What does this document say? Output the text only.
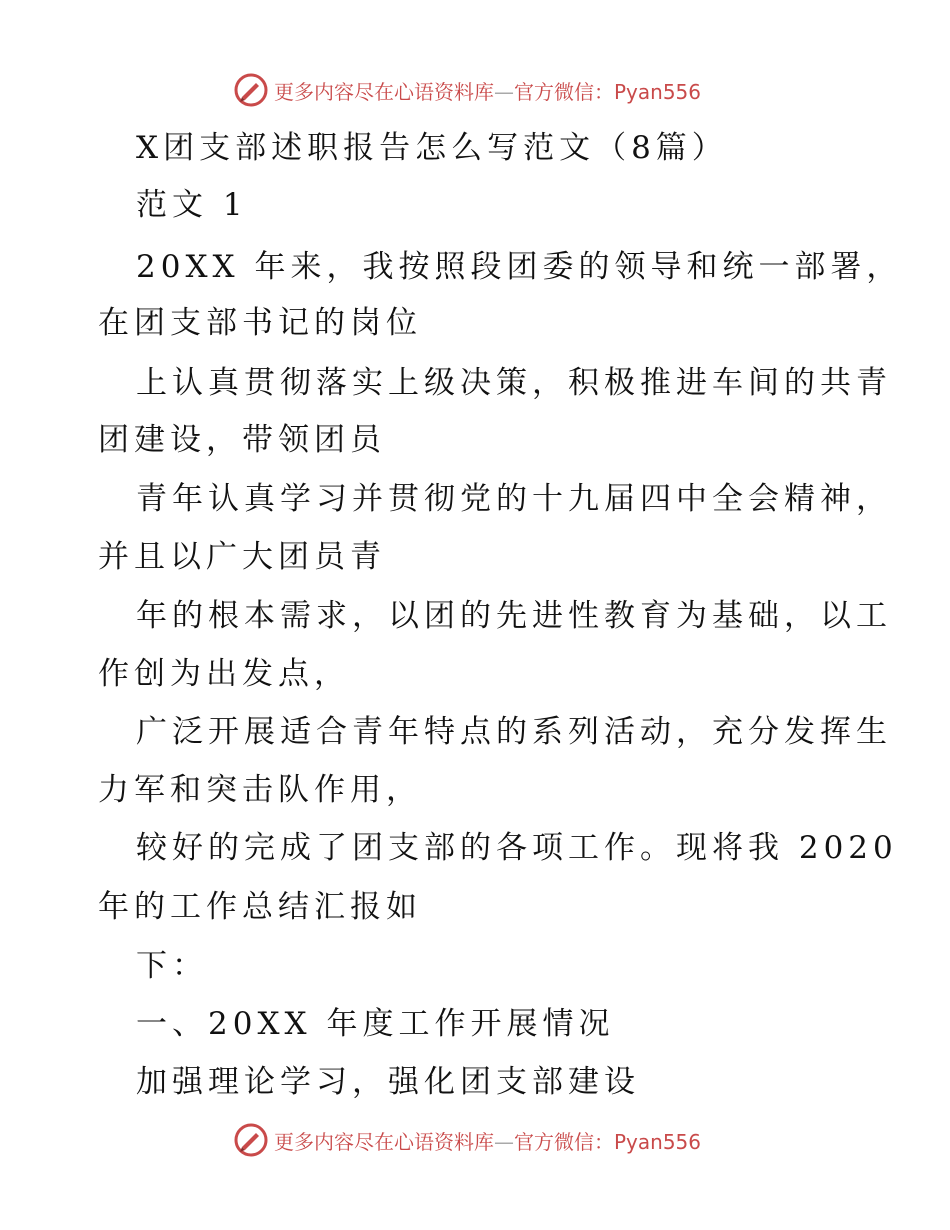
更多内容尽在心语资料库—官方微信：Pyan556
X团支部述职报告怎么写范文（8篇）
范文 1
20XX 年来，我按照段团委的领导和统一部署，
在团支部书记的岗位
上认真贯彻落实上级决策，积极推进车间的共青
团建设，带领团员
青年认真学习并贯彻党的十九届四中全会精神，
并且以广大团员青
年的根本需求，以团的先进性教育为基础，以工
作创为出发点，
广泛开展适合青年特点的系列活动，充分发挥生
力军和突击队作用，
较好的完成了团支部的各项工作。现将我 2020
年的工作总结汇报如
下：
一、20XX 年度工作开展情况
加强理论学习，强化团支部建设
更多内容尽在心语资料库—官方微信：Pyan556
